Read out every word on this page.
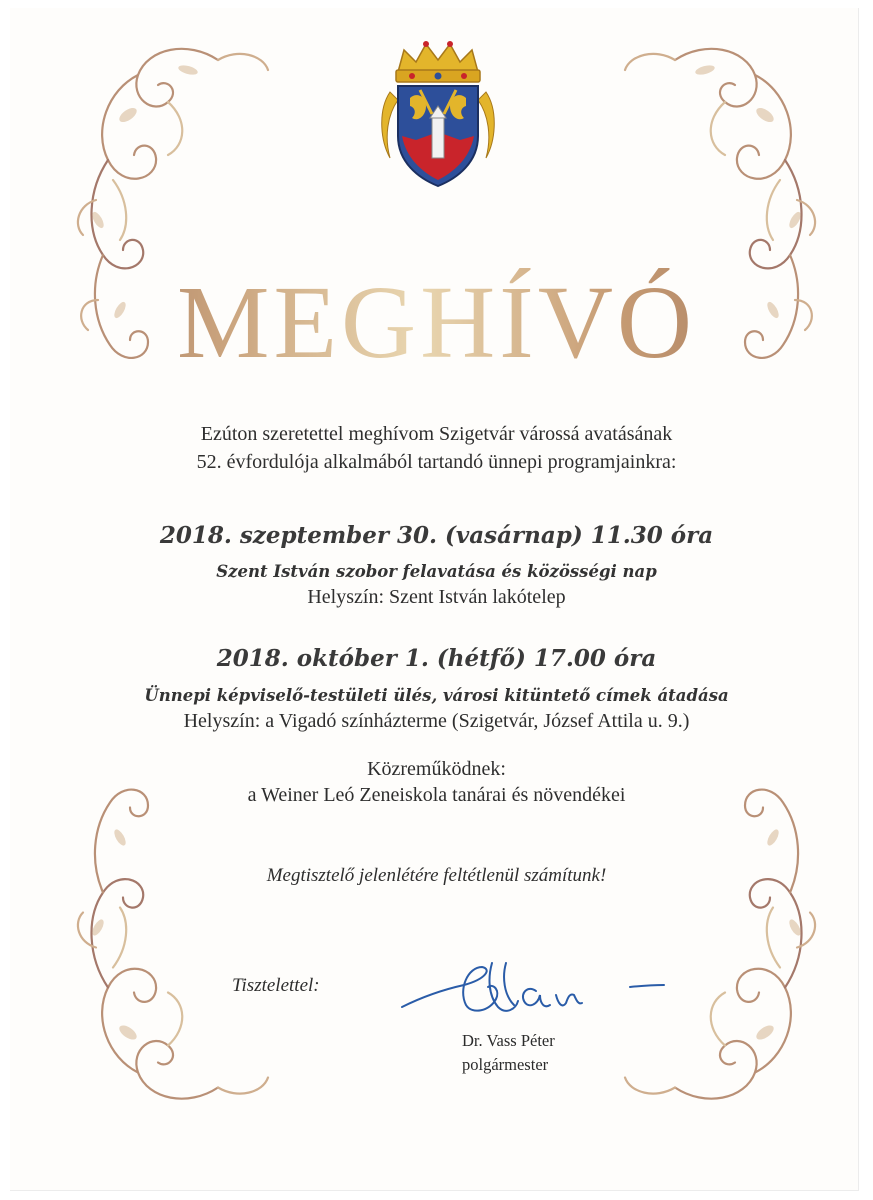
MEGHÍVÓ
Ezúton szeretettel meghívom Szigetvár várossá avatásának
52. évfordulója alkalmából tartandó ünnepi programjainkra:
2018. szeptember 30. (vasárnap) 11.30 óra
Szent István szobor felavatása és közösségi nap
Helyszín: Szent István lakótelep
2018. október 1. (hétfő) 17.00 óra
Ünnepi képviselő-testületi ülés, városi kitüntető címek átadása
Helyszín: a Vigadó színházterme (Szigetvár, József Attila u. 9.)
Közreműködnek:
a Weiner Leó Zeneiskola tanárai és növendékei
Megtisztelő jelenlétére feltétlenül számítunk!
Tisztelettel:
Dr. Vass Péter
polgármester
